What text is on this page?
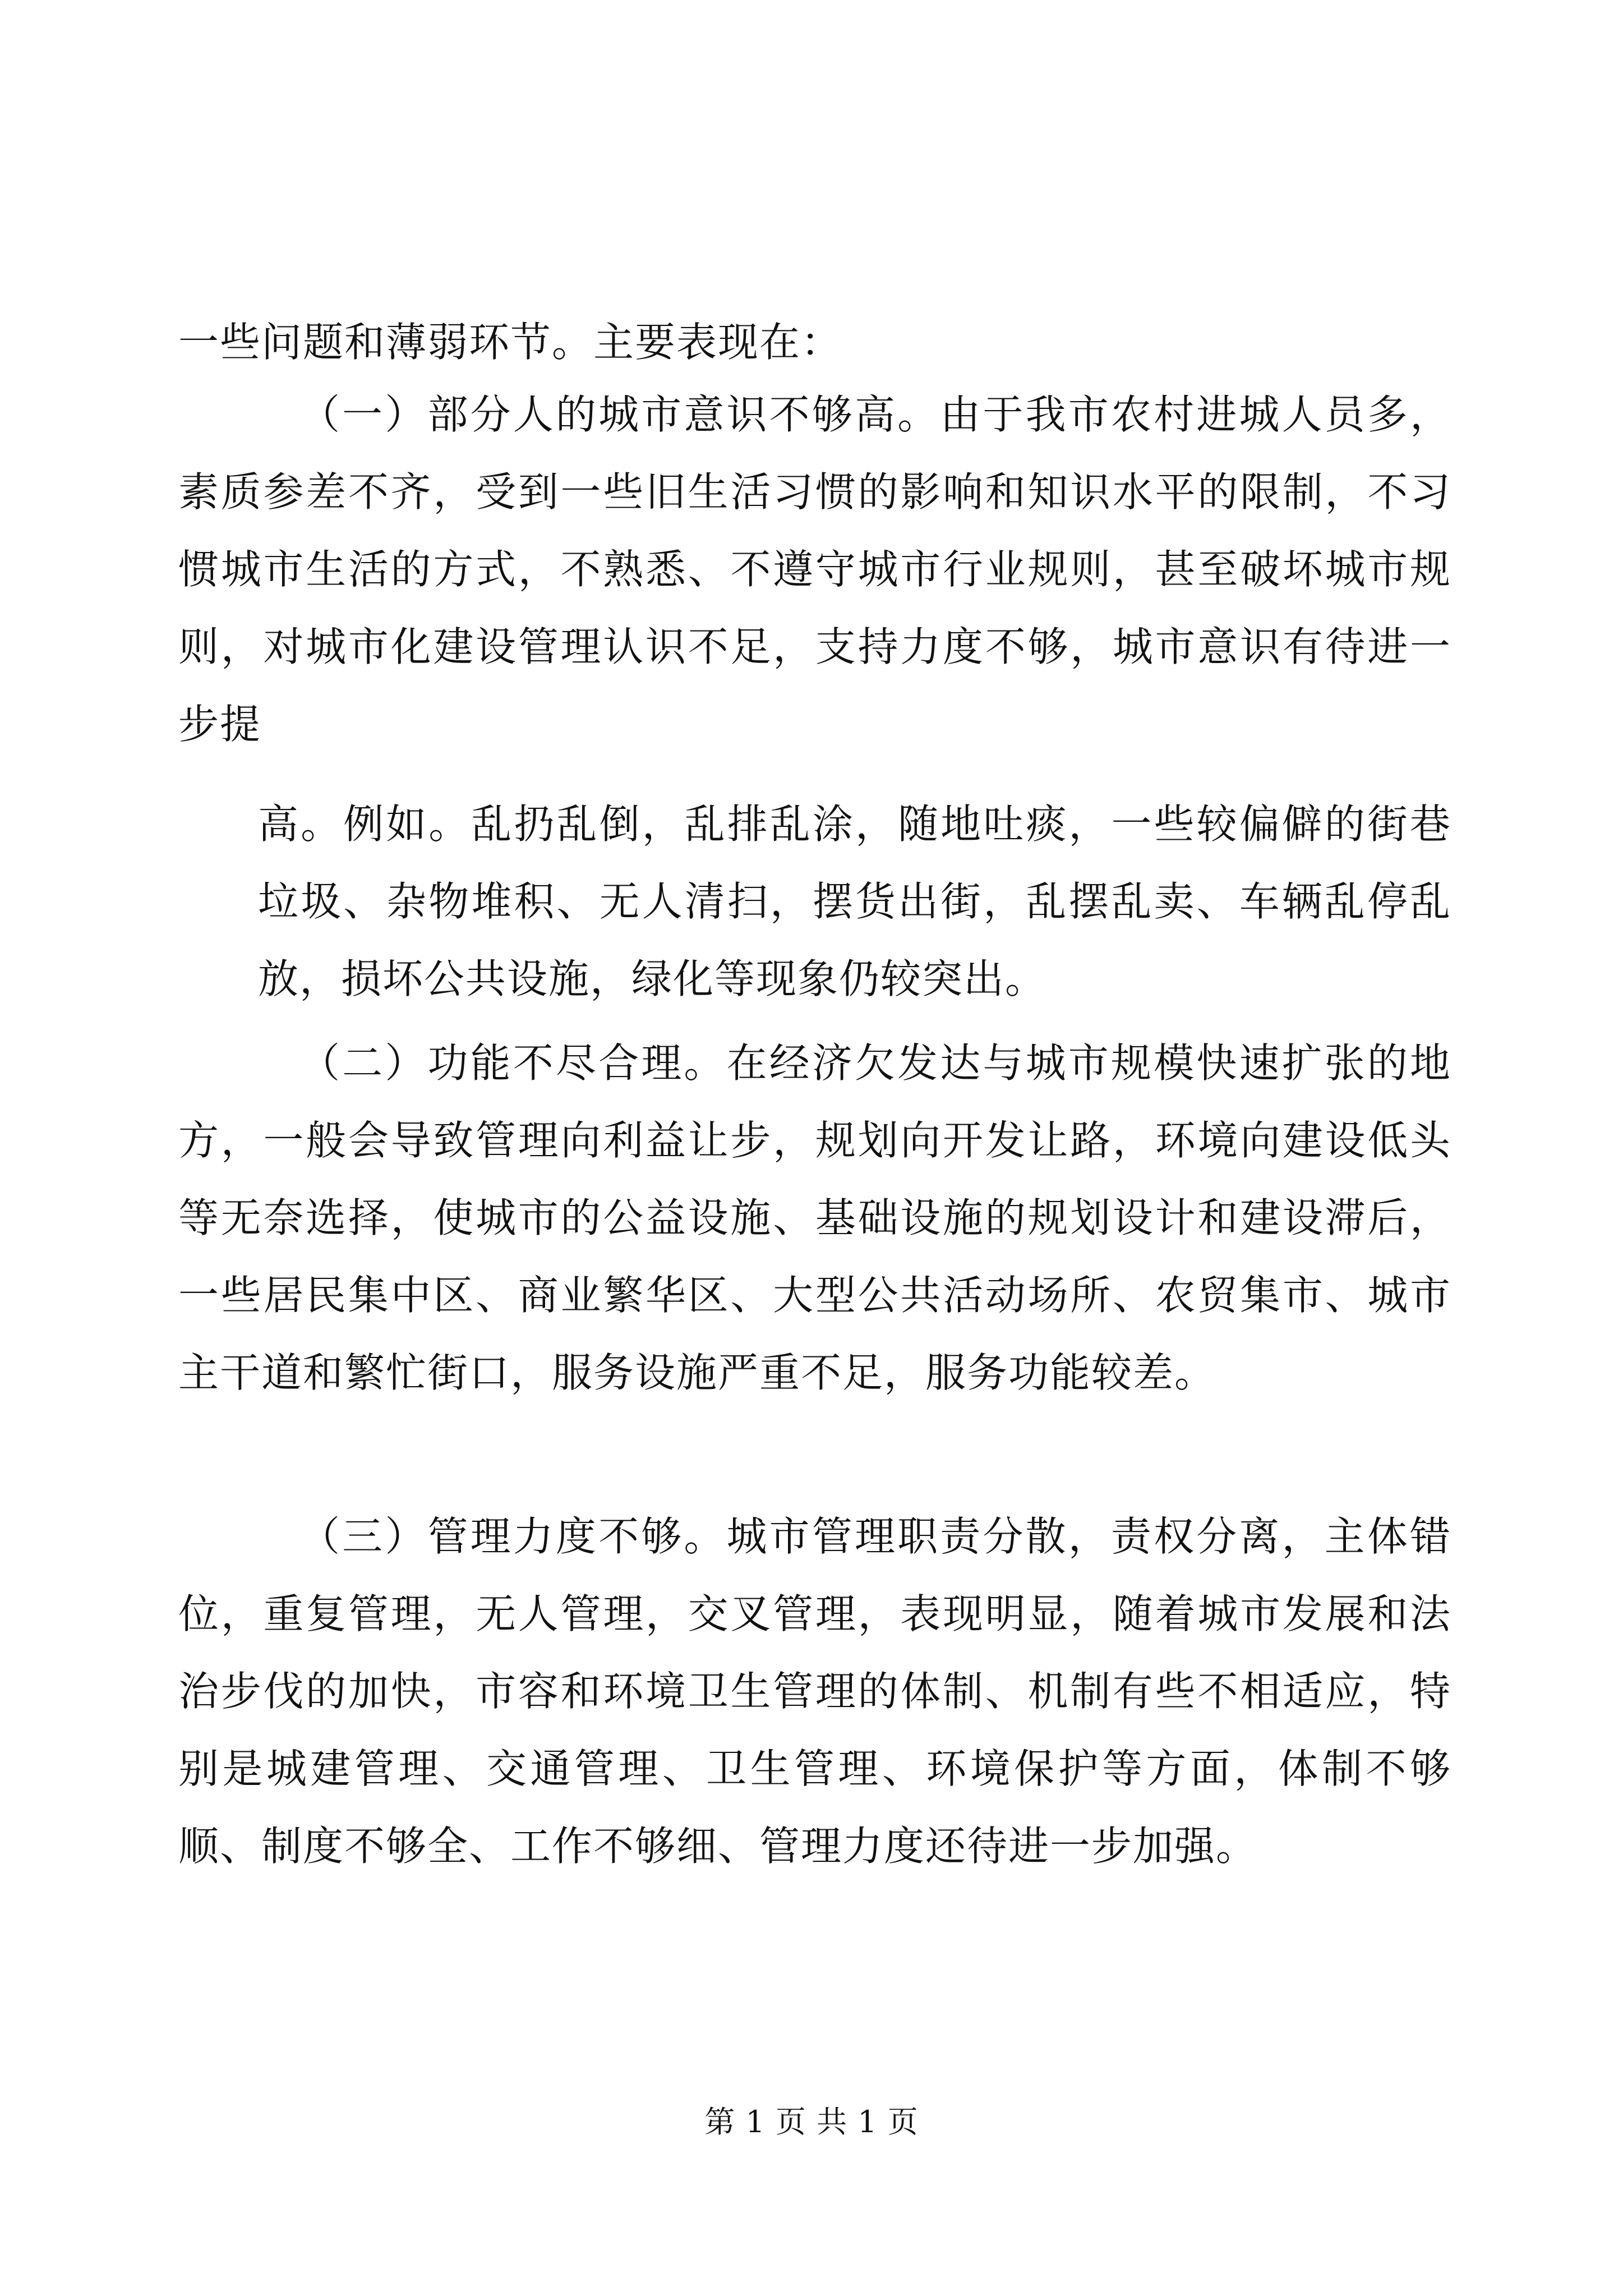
一些问题和薄弱环节。主要表现在：

（一）部分人的城市意识不够高。由于我市农村进城人员多，素质参差不齐，受到一些旧生活习惯的影响和知识水平的限制，不习惯城市生活的方式，不熟悉、不遵守城市行业规则，甚至破坏城市规则，对城市化建设管理认识不足，支持力度不够，城市意识有待进一步提

高。例如。乱扔乱倒，乱排乱涂，随地吐痰，一些较偏僻的街巷垃圾、杂物堆积、无人清扫，摆货出街，乱摆乱卖、车辆乱停乱放，损坏公共设施，绿化等现象仍较突出。

（二）功能不尽合理。在经济欠发达与城市规模快速扩张的地方，一般会导致管理向利益让步，规划向开发让路，环境向建设低头等无奈选择，使城市的公益设施、基础设施的规划设计和建设滞后，一些居民集中区、商业繁华区、大型公共活动场所、农贸集市、城市主干道和繁忙街口，服务设施严重不足，服务功能较差。

（三）管理力度不够。城市管理职责分散，责权分离，主体错位，重复管理，无人管理，交叉管理，表现明显，随着城市发展和法治步伐的加快，市容和环境卫生管理的体制、机制有些不相适应，特别是城建管理、交通管理、卫生管理、环境保护等方面，体制不够顺、制度不够全、工作不够细、管理力度还待进一步加强。

第 1 页 共 1 页
